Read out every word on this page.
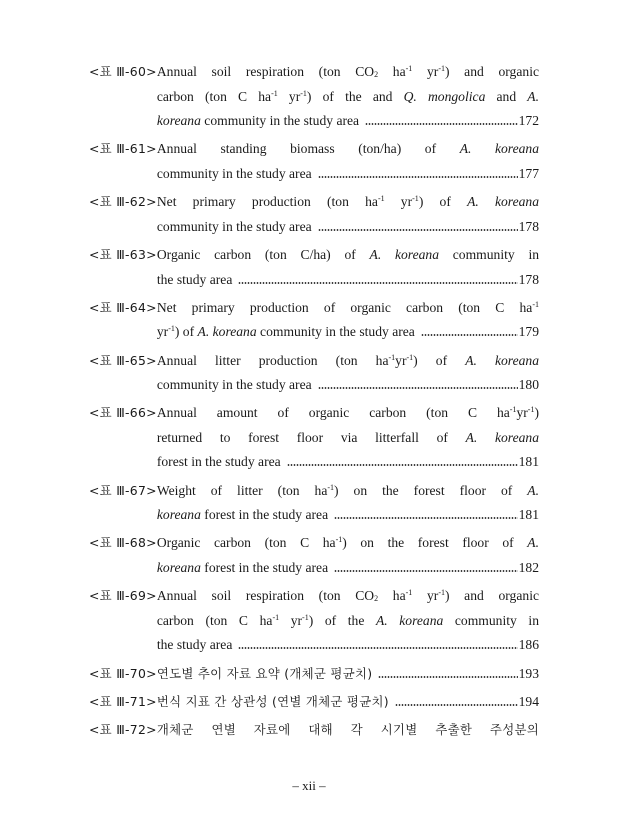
<표 Ⅲ-60> Annual soil respiration (ton $CO_2$ $ha^{-1}$ $yr^{-1}$) and organic
carbon (ton C $ha^{-1}$ $yr^{-1}$) of the and Q. mongolica and A.
koreana community in the study area	172
<표 Ⅲ-61> Annual standing biomass (ton/ha) of A. koreana
community in the study area	177
<표 Ⅲ-62> Net primary production (ton $ha^{-1}$ $yr^{-1}$) of A. koreana
community in the study area	178
<표 Ⅲ-63> Organic carbon (ton C/ha) of A. koreana community in
the study area	178
<표 Ⅲ-64> Net primary production of organic carbon (ton C $ha^{-1}$
$yr^{-1}$) of A. koreana community in the study area	179
<표 Ⅲ-65> Annual litter production (ton $ha^{-1}yr^{-1}$) of A. koreana
community in the study area	180
<표 Ⅲ-66> Annual amount of organic carbon (ton C $ha^{-1}yr^{-1}$)
returned to forest floor via litterfall of A. koreana
forest in the study area	181
<표 Ⅲ-67> Weight of litter (ton $ha^{-1}$) on the forest floor of A.
koreana forest in the study area	181
<표 Ⅲ-68> Organic carbon (ton C $ha^{-1}$) on the forest floor of A.
koreana forest in the study area	182
<표 Ⅲ-69> Annual soil respiration (ton $CO_2$ $ha^{-1}$ $yr^{-1}$) and organic
carbon (ton C $ha^{-1}$ $yr^{-1}$) of the A. koreana community in
the study area	186
<표 Ⅲ-70> 연도별 추이 자료 요약 (개체군 평균치)	193
<표 Ⅲ-71> 번식 지표 간 상관성 (연별 개체군 평균치)	194
<표 Ⅲ-72> 개체군 연별 자료에 대해 각 시기별 추출한 주성분의
– xii –
